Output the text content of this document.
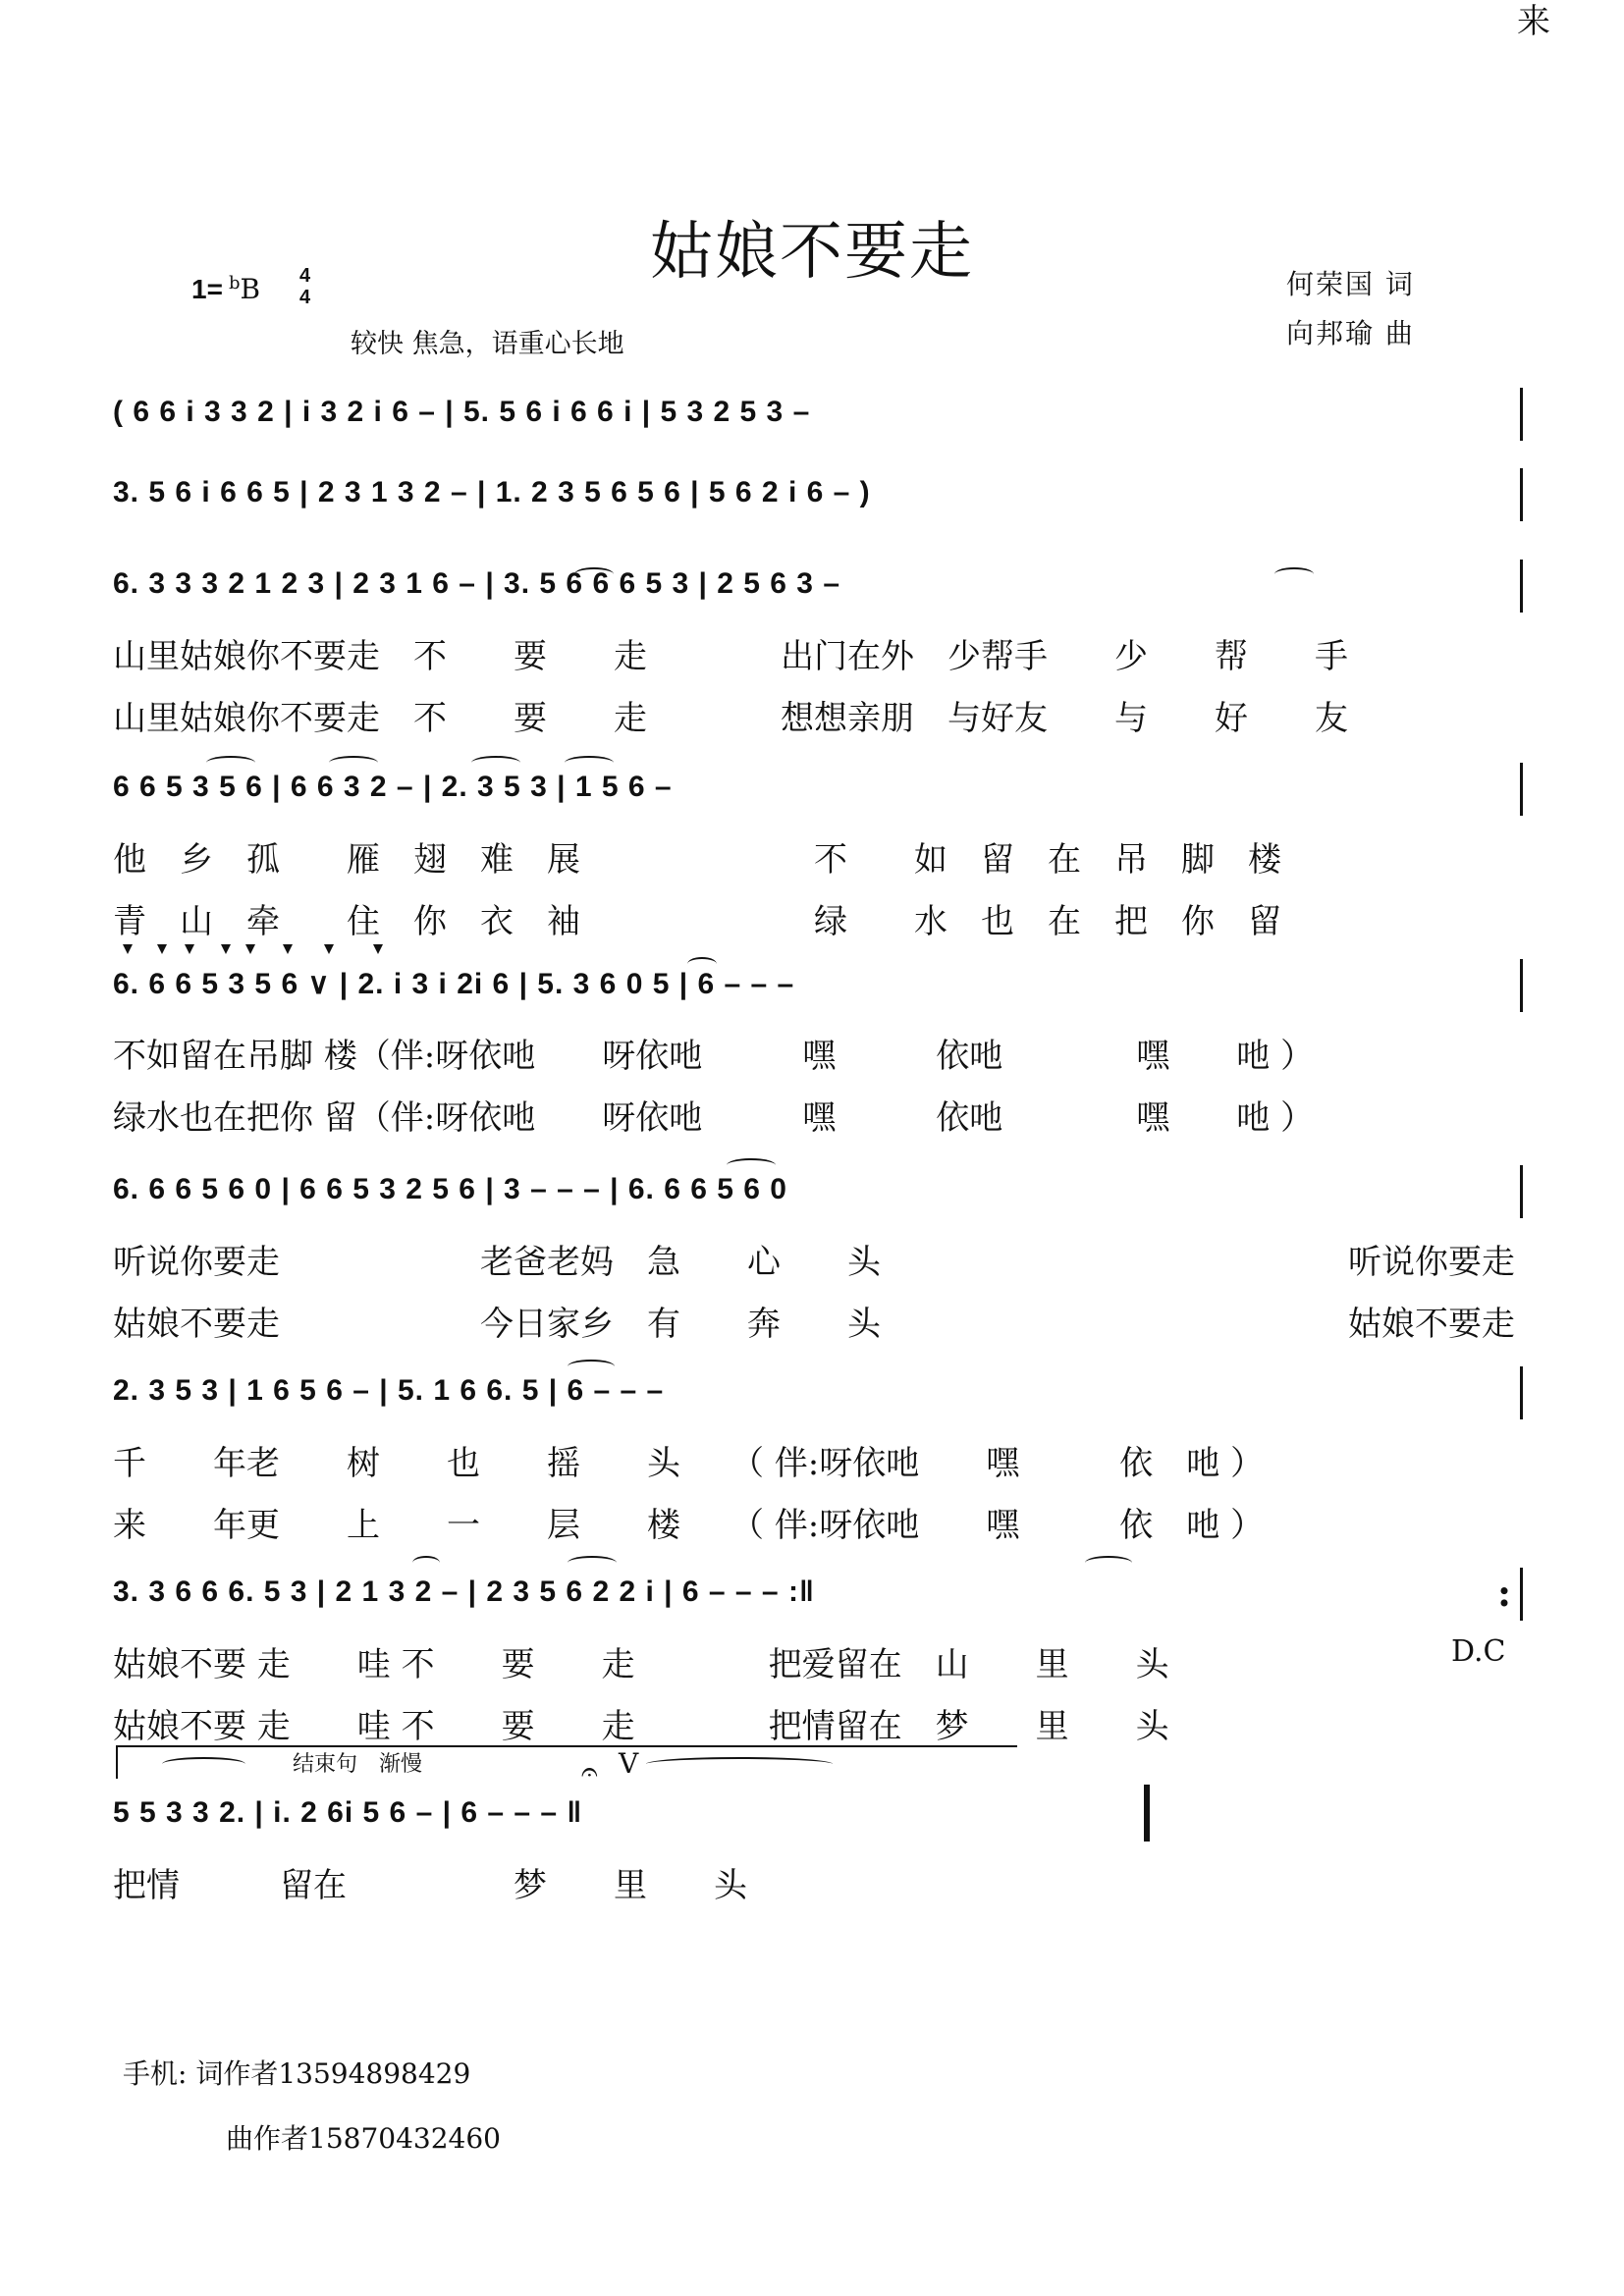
来
姑娘不要走	何荣国 词
向邦瑜 曲
1= $^b$B 4
4
较快 焦急，语重心长地
( 6 6 i 3 3 2 | i 3 2 i 6 – | 5. 5 6 i 6 6 i | 5 3 2 5 3 –
3. 5 6 i 6 6 5 | 2 3 1 3 2 – | 1. 2 3 5 6 5 6 | 5 6 2 i 6 – )
6. 3 3 3 2 1 2 3 | 2 3 1 6 – | 3. 5 6 6 6 5 3 | 2 5 6 3 –
山里姑娘你不要走　不　　要　　走　　　　出门在外　少帮手　　少　　帮　　手
山里姑娘你不要走　不　　要　　走　　　　想想亲朋　与好友　　与　　好　　友
6 6 5 3 5 6 | 6 6 3 2 – | 2. 3 5 3 | 1 5 6 –
他　乡　孤　　雁　翅　难　展　　　　　　　不　　如　留　在　吊　脚　楼
青　山　牵　　住　你　衣　袖　　　　　　　绿　　水　也　在　把　你　留
6. 6 6 5 3 5 6 ∨ | 2. i 3 i 2i 6 | 5. 3 6 0 5 | 6 – – –
不如留在吊脚 楼（伴:呀依吔　　呀依吔　　　嘿　　　依吔　　　　嘿　　吔 ）
绿水也在把你 留（伴:呀依吔　　呀依吔　　　嘿　　　依吔　　　　嘿　　吔 ）
6. 6 6 5 6 0 | 6 6 5 3 2 5 6 | 3 – – – | 6. 6 6 5 6 0
听说你要走　　　　　　老爸老妈　急　　心　　头　　　　　　　　　　　　　　听说你要走
姑娘不要走　　　　　　今日家乡　有　　奔　　头　　　　　　　　　　　　　　姑娘不要走
2. 3 5 3 | 1 6 5 6 – | 5. 1 6 6. 5 | 6 – – –
千　　年老　　树　　也　　摇　　头　　（ 伴:呀依吔　　嘿　　　依　吔 ）
来　　年更　　上　　一　　层　　楼　　（ 伴:呀依吔　　嘿　　　依　吔 ）
3. 3 6 6 6. 5 3 | 2 1 3 2 – | 2 3 5 6 2 2 i | 6 – – – :‖
姑娘不要 走　　哇 不　　要　　走　　　　把爱留在　山　　里　　头
姑娘不要 走　　哇 不　　要　　走　　　　把情留在　梦　　里　　头
5 5 3 3 2. | i. 2 6i 5 6 – | 6 – – – ‖
把情　　　留在　　　　　梦　　里　　头
:
D.C
结束句　渐慢	𝄐 V
手机: 词作者13594898429
曲作者15870432460
